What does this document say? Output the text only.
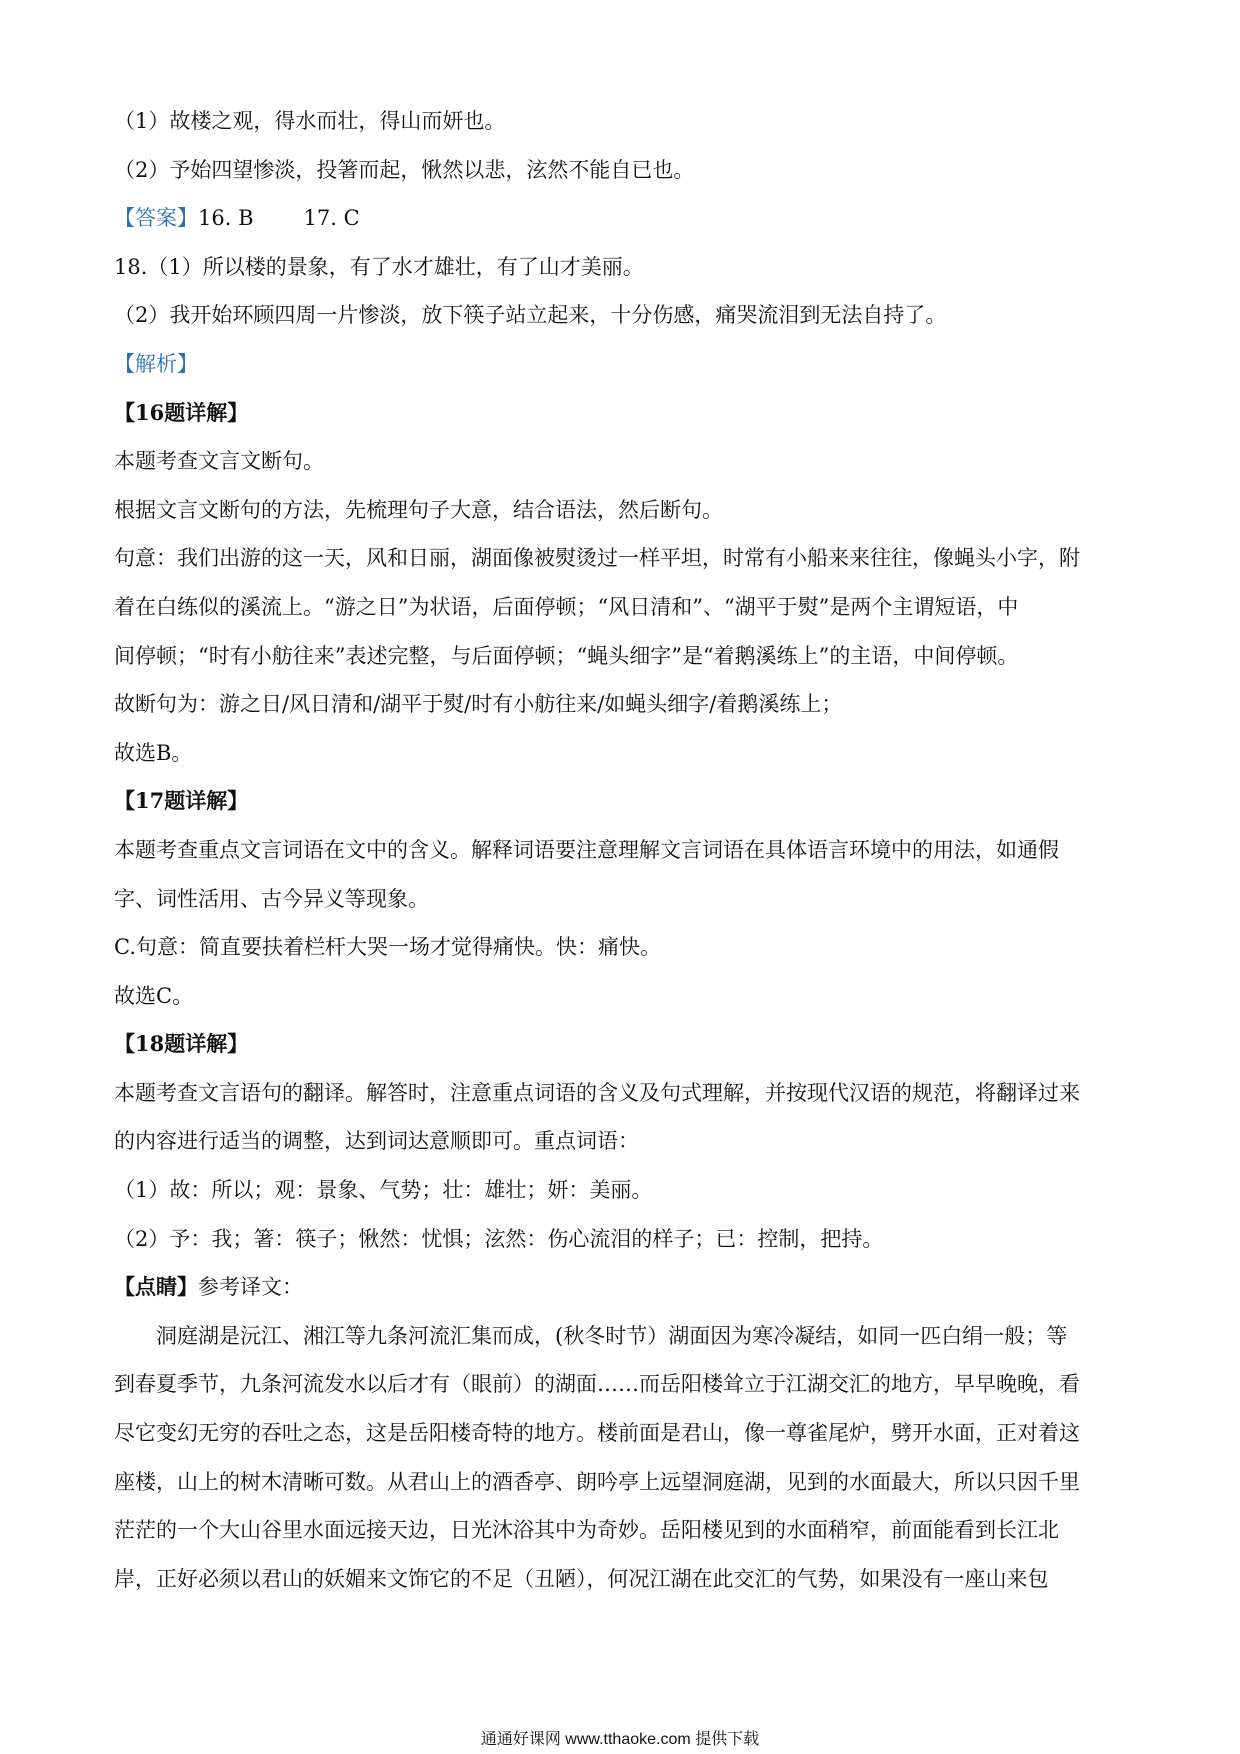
（1）故楼之观，得水而壮，得山而妍也。
（2）予始四望惨淡，投箸而起，愀然以悲，泫然不能自已也。
【答案】16. B 17. C
18.（1）所以楼的景象，有了水才雄壮，有了山才美丽。
（2）我开始环顾四周一片惨淡，放下筷子站立起来，十分伤感，痛哭流泪到无法自持了。
【解析】
【16题详解】
本题考查文言文断句。
根据文言文断句的方法，先梳理句子大意，结合语法，然后断句。
句意：我们出游的这一天，风和日丽，湖面像被熨烫过一样平坦，时常有小船来来往往，像蝇头小字，附
着在白练似的溪流上。“游之日”为状语，后面停顿；“风日清和”、“湖平于熨”是两个主谓短语，中
间停顿；“时有小舫往来”表述完整，与后面停顿；“蝇头细字”是“着鹅溪练上”的主语，中间停顿。
故断句为：游之日/风日清和/湖平于熨/时有小舫往来/如蝇头细字/着鹅溪练上；
故选B。
【17题详解】
本题考查重点文言词语在文中的含义。解释词语要注意理解文言词语在具体语言环境中的用法，如通假
字、词性活用、古今异义等现象。
C.句意：简直要扶着栏杆大哭一场才觉得痛快。快：痛快。
故选C。
【18题详解】
本题考查文言语句的翻译。解答时，注意重点词语的含义及句式理解，并按现代汉语的规范，将翻译过来
的内容进行适当的调整，达到词达意顺即可。重点词语：
（1）故：所以；观：景象、气势；壮：雄壮；妍：美丽。
（2）予：我；箸：筷子；愀然：忧惧；泫然：伤心流泪的样子；已：控制，把持。
【点睛】参考译文：
洞庭湖是沅江、湘江等九条河流汇集而成，(秋冬时节）湖面因为寒冷凝结，如同一匹白绢一般；等
到春夏季节，九条河流发水以后才有（眼前）的湖面……而岳阳楼耸立于江湖交汇的地方，早早晚晚，看
尽它变幻无穷的吞吐之态，这是岳阳楼奇特的地方。楼前面是君山，像一尊雀尾炉，劈开水面，正对着这
座楼，山上的树木清晰可数。从君山上的酒香亭、朗吟亭上远望洞庭湖，见到的水面最大，所以只因千里
茫茫的一个大山谷里水面远接天边，日光沐浴其中为奇妙。岳阳楼见到的水面稍窄，前面能看到长江北
岸，正好必须以君山的妖媚来文饰它的不足（丑陋），何况江湖在此交汇的气势，如果没有一座山来包
通通好课网 www.tthaoke.com 提供下载
